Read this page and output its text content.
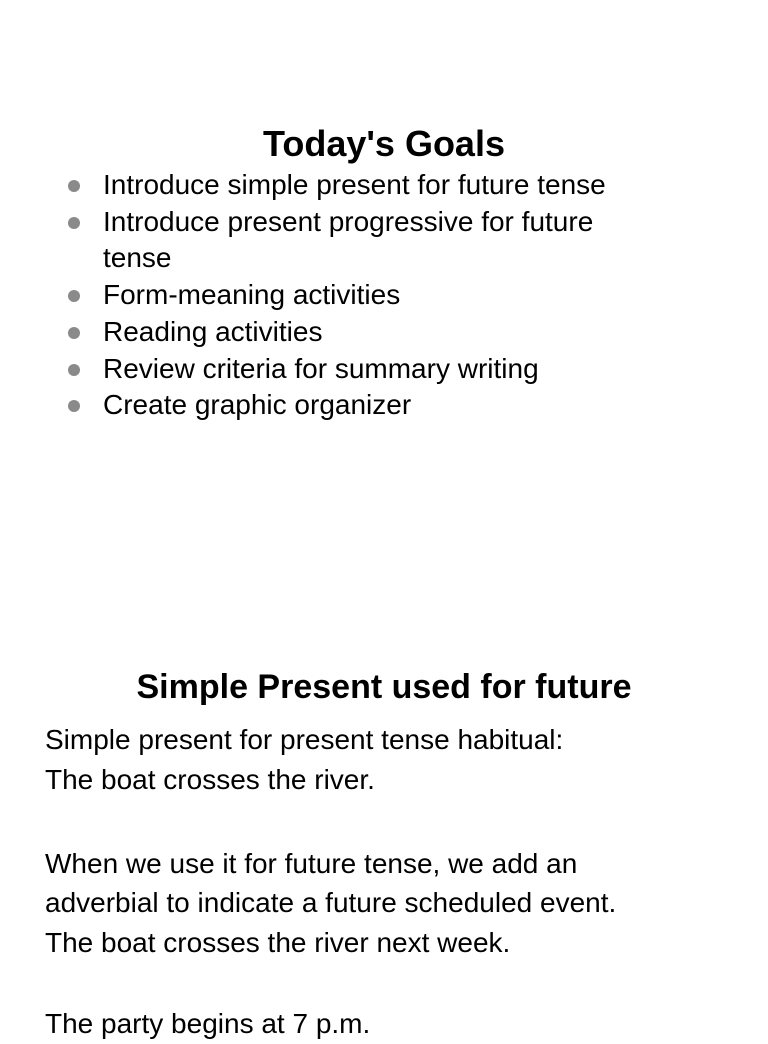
Today's Goals
Introduce simple present for future tense
Introduce present progressive for future
tense
Form-meaning activities
Reading activities
Review criteria for summary writing
Create graphic organizer
Simple Present used for future

Simple present for present tense habitual:
The boat crosses the river.

When we use it for future tense, we add an
adverbial to indicate a future scheduled event.
The boat crosses the river next week.

The party begins at 7 p.m.
